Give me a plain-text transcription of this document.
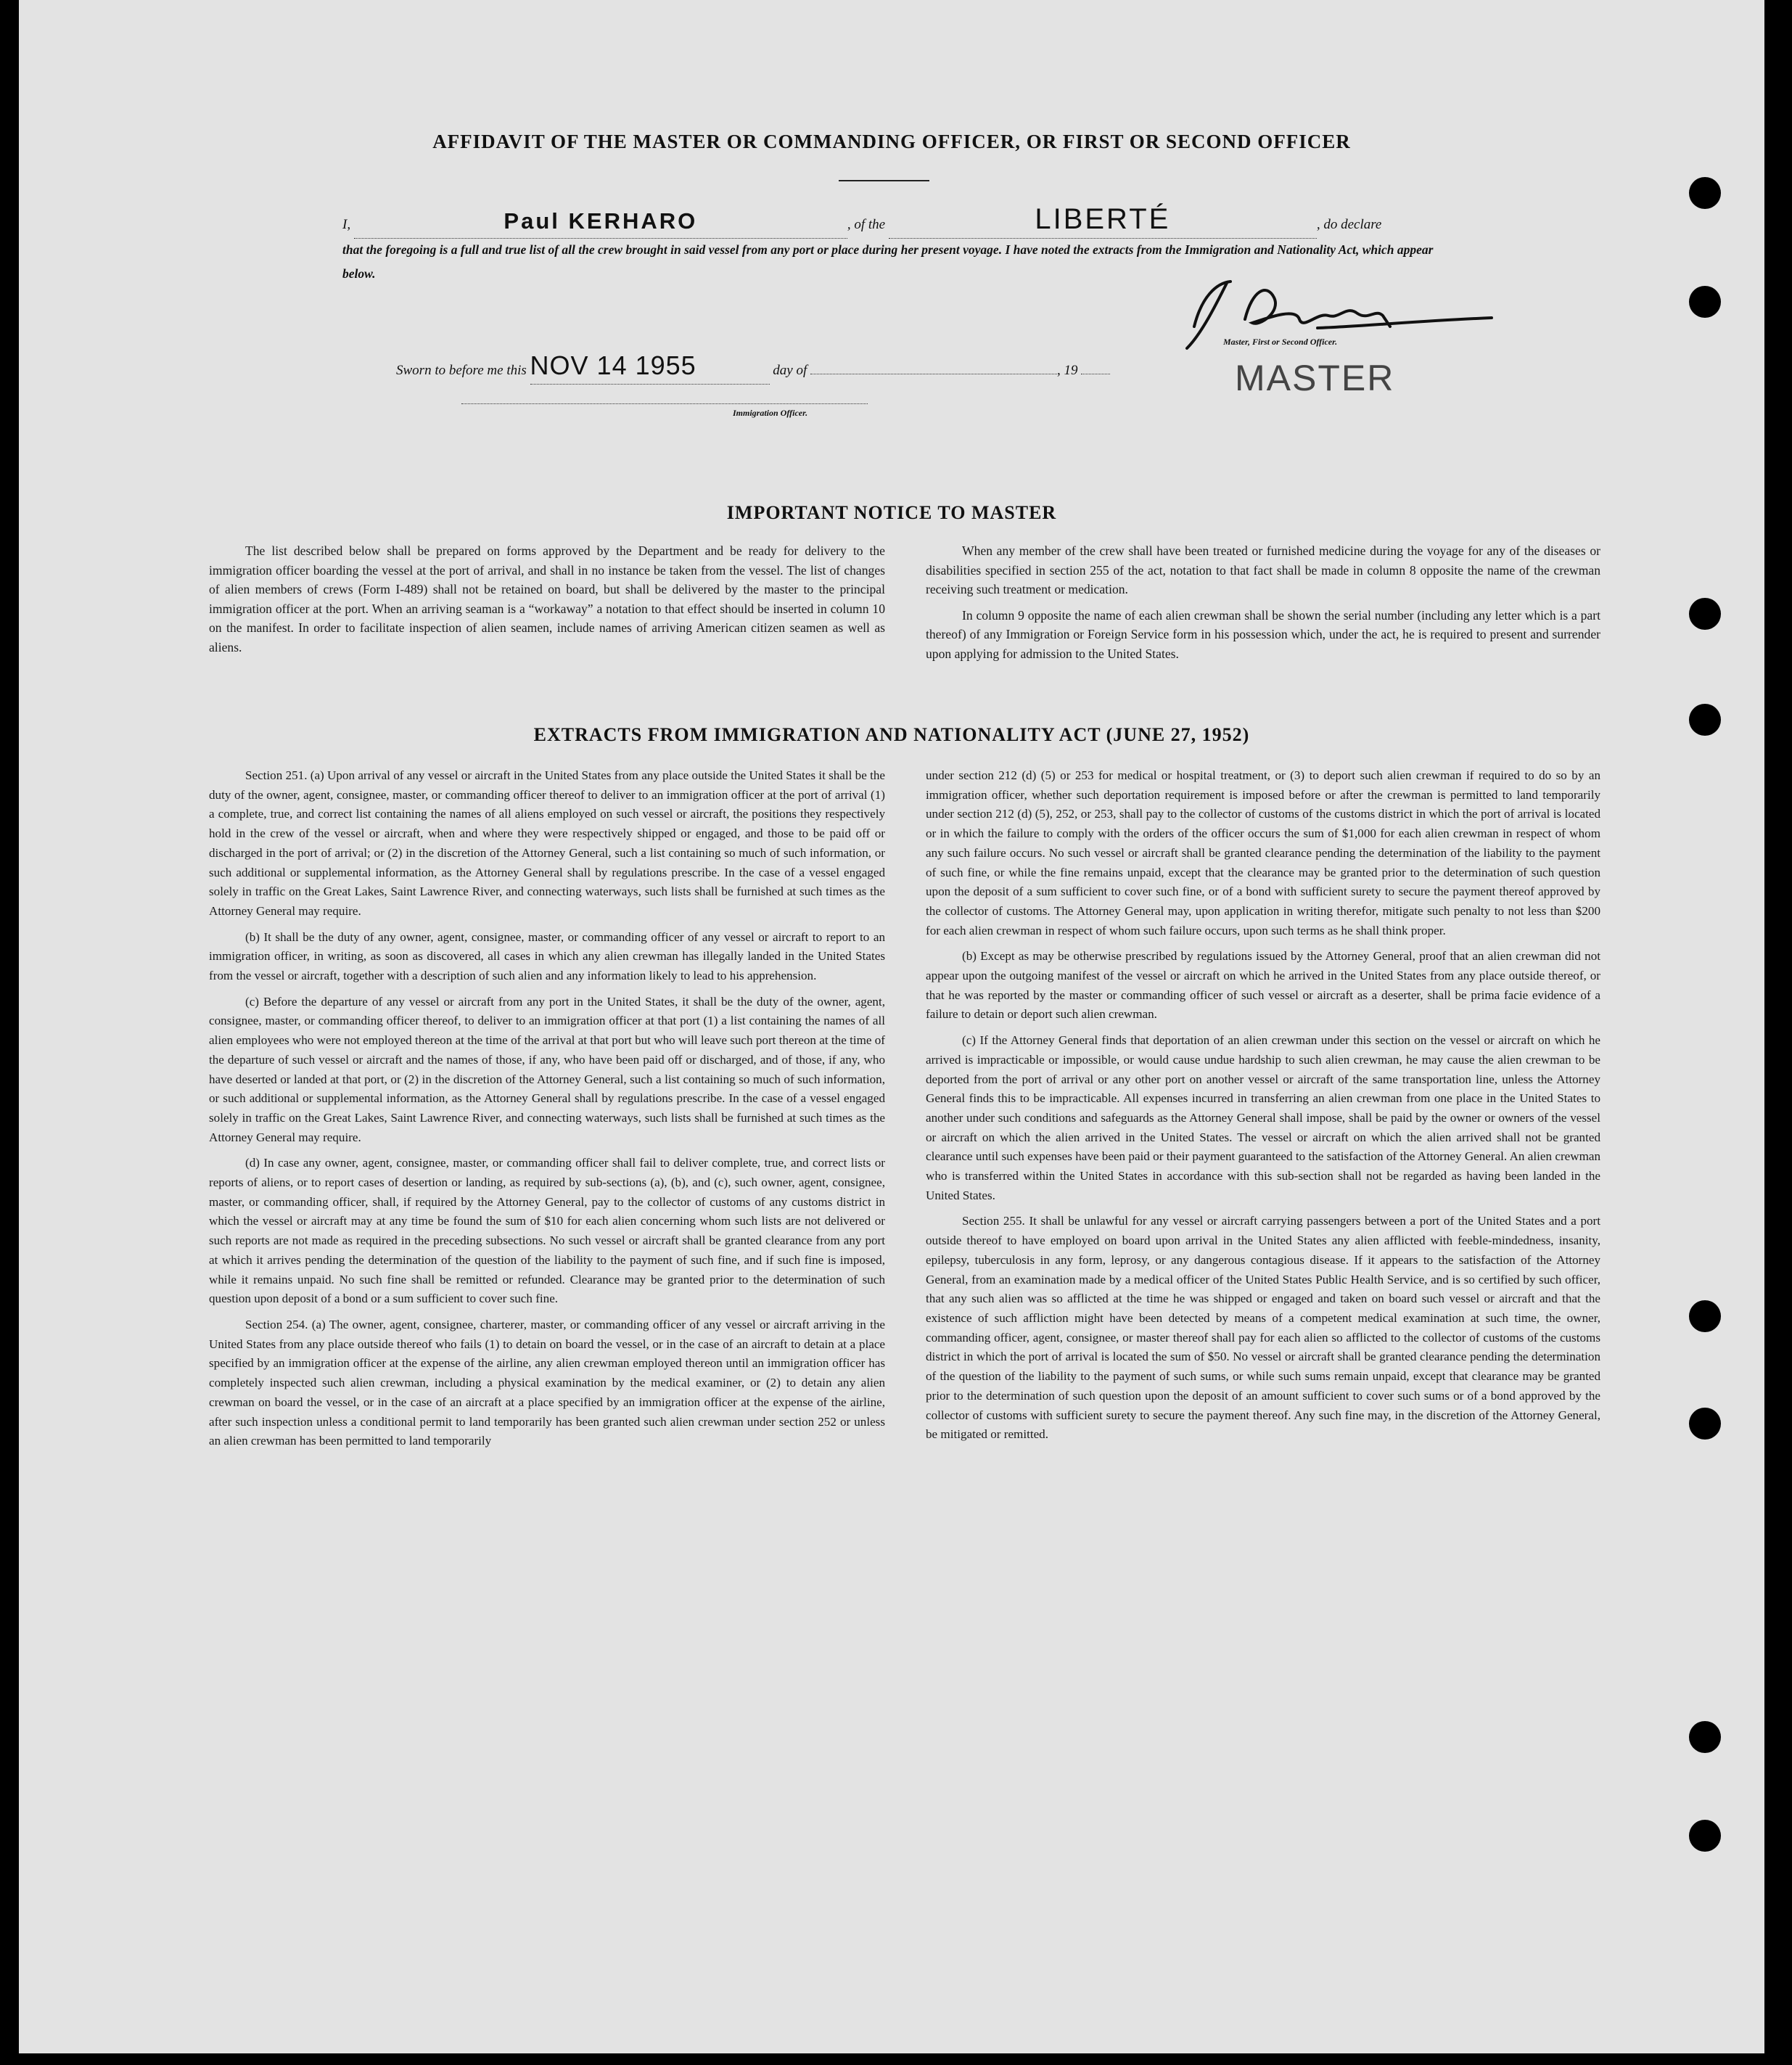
AFFIDAVIT OF THE MASTER OR COMMANDING OFFICER, OR FIRST OR SECOND OFFICER
I,	Paul KERHARO	, of the	LIBERTÉ	, do declare
that the foregoing is a full and true list of all the crew brought in said vessel from any port or place during her present voyage. I have noted the extracts from the Immigration and Nationality Act, which appear below.
Sworn to before me this NOV 14 1955	day of	, 19
Master, First or Second Officer.
MASTER
Immigration Officer.
IMPORTANT NOTICE TO MASTER

The list described below shall be prepared on forms approved by the Department and be ready for delivery to the immigration officer boarding the vessel at the port of arrival, and shall in no instance be taken from the vessel. The list of changes of alien members of crews (Form I-489) shall not be retained on board, but shall be delivered by the master to the principal immigration officer at the port. When an arriving seaman is a “workaway” a notation to that effect should be inserted in column 10 on the manifest. In order to facilitate inspection of alien seamen, include names of arriving American citizen seamen as well as aliens.

When any member of the crew shall have been treated or furnished medicine during the voyage for any of the diseases or disabilities specified in section 255 of the act, notation to that fact shall be made in column 8 opposite the name of the crewman receiving such treatment or medication.

In column 9 opposite the name of each alien crewman shall be shown the serial number (including any letter which is a part thereof) of any Immigration or Foreign Service form in his possession which, under the act, he is required to present and surrender upon applying for admission to the United States.

EXTRACTS FROM IMMIGRATION AND NATIONALITY ACT (JUNE 27, 1952)

Section 251. (a) Upon arrival of any vessel or aircraft in the United States from any place outside the United States it shall be the duty of the owner, agent, consignee, master, or commanding officer thereof to deliver to an immigration officer at the port of arrival (1) a complete, true, and correct list containing the names of all aliens employed on such vessel or aircraft, the positions they respectively hold in the crew of the vessel or aircraft, when and where they were respectively shipped or engaged, and those to be paid off or discharged in the port of arrival; or (2) in the discretion of the Attorney General, such a list containing so much of such information, or such additional or supplemental information, as the Attorney General shall by regulations prescribe. In the case of a vessel engaged solely in traffic on the Great Lakes, Saint Lawrence River, and connecting waterways, such lists shall be furnished at such times as the Attorney General may require.

(b) It shall be the duty of any owner, agent, consignee, master, or commanding officer of any vessel or aircraft to report to an immigration officer, in writing, as soon as discovered, all cases in which any alien crewman has illegally landed in the United States from the vessel or aircraft, together with a description of such alien and any information likely to lead to his apprehension.

(c) Before the departure of any vessel or aircraft from any port in the United States, it shall be the duty of the owner, agent, consignee, master, or commanding officer thereof, to deliver to an immigration officer at that port (1) a list containing the names of all alien employees who were not employed thereon at the time of the arrival at that port but who will leave such port thereon at the time of the departure of such vessel or aircraft and the names of those, if any, who have been paid off or discharged, and of those, if any, who have deserted or landed at that port, or (2) in the discretion of the Attorney General, such a list containing so much of such information, or such additional or supplemental information, as the Attorney General shall by regulations prescribe. In the case of a vessel engaged solely in traffic on the Great Lakes, Saint Lawrence River, and connecting waterways, such lists shall be furnished at such times as the Attorney General may require.

(d) In case any owner, agent, consignee, master, or commanding officer shall fail to deliver complete, true, and correct lists or reports of aliens, or to report cases of desertion or landing, as required by sub-sections (a), (b), and (c), such owner, agent, consignee, master, or commanding officer, shall, if required by the Attorney General, pay to the collector of customs of any customs district in which the vessel or aircraft may at any time be found the sum of $10 for each alien concerning whom such lists are not delivered or such reports are not made as required in the preceding subsections. No such vessel or aircraft shall be granted clearance from any port at which it arrives pending the determination of the question of the liability to the payment of such fine, and if such fine is imposed, while it remains unpaid. No such fine shall be remitted or refunded. Clearance may be granted prior to the determination of such question upon deposit of a bond or a sum sufficient to cover such fine.

Section 254. (a) The owner, agent, consignee, charterer, master, or commanding officer of any vessel or aircraft arriving in the United States from any place outside thereof who fails (1) to detain on board the vessel, or in the case of an aircraft to detain at a place specified by an immigration officer at the expense of the airline, any alien crewman employed thereon until an immigration officer has completely inspected such alien crewman, including a physical examination by the medical examiner, or (2) to detain any alien crewman on board the vessel, or in the case of an aircraft at a place specified by an immigration officer at the expense of the airline, after such inspection unless a conditional permit to land temporarily has been granted such alien crewman under section 252 or unless an alien crewman has been permitted to land temporarily

under section 212 (d) (5) or 253 for medical or hospital treatment, or (3) to deport such alien crewman if required to do so by an immigration officer, whether such deportation requirement is imposed before or after the crewman is permitted to land temporarily under section 212 (d) (5), 252, or 253, shall pay to the collector of customs of the customs district in which the port of arrival is located or in which the failure to comply with the orders of the officer occurs the sum of $1,000 for each alien crewman in respect of whom any such failure occurs. No such vessel or aircraft shall be granted clearance pending the determination of the liability to the payment of such fine, or while the fine remains unpaid, except that the clearance may be granted prior to the determination of such question upon the deposit of a sum sufficient to cover such fine, or of a bond with sufficient surety to secure the payment thereof approved by the collector of customs. The Attorney General may, upon application in writing therefor, mitigate such penalty to not less than $200 for each alien crewman in respect of whom such failure occurs, upon such terms as he shall think proper.

(b) Except as may be otherwise prescribed by regulations issued by the Attorney General, proof that an alien crewman did not appear upon the outgoing manifest of the vessel or aircraft on which he arrived in the United States from any place outside thereof, or that he was reported by the master or commanding officer of such vessel or aircraft as a deserter, shall be prima facie evidence of a failure to detain or deport such alien crewman.

(c) If the Attorney General finds that deportation of an alien crewman under this section on the vessel or aircraft on which he arrived is impracticable or impossible, or would cause undue hardship to such alien crewman, he may cause the alien crewman to be deported from the port of arrival or any other port on another vessel or aircraft of the same transportation line, unless the Attorney General finds this to be impracticable. All expenses incurred in transferring an alien crewman from one place in the United States to another under such conditions and safeguards as the Attorney General shall impose, shall be paid by the owner or owners of the vessel or aircraft on which the alien arrived in the United States. The vessel or aircraft on which the alien arrived shall not be granted clearance until such expenses have been paid or their payment guaranteed to the satisfaction of the Attorney General. An alien crewman who is transferred within the United States in accordance with this sub-section shall not be regarded as having been landed in the United States.

Section 255. It shall be unlawful for any vessel or aircraft carrying passengers between a port of the United States and a port outside thereof to have employed on board upon arrival in the United States any alien afflicted with feeble-mindedness, insanity, epilepsy, tuberculosis in any form, leprosy, or any dangerous contagious disease. If it appears to the satisfaction of the Attorney General, from an examination made by a medical officer of the United States Public Health Service, and is so certified by such officer, that any such alien was so afflicted at the time he was shipped or engaged and taken on board such vessel or aircraft and that the existence of such affliction might have been detected by means of a competent medical examination at such time, the owner, commanding officer, agent, consignee, or master thereof shall pay for each alien so afflicted to the collector of customs of the customs district in which the port of arrival is located the sum of $50. No vessel or aircraft shall be granted clearance pending the determination of the question of the liability to the payment of such sums, or while such sums remain unpaid, except that clearance may be granted prior to the determination of such question upon the deposit of an amount sufficient to cover such sums or of a bond approved by the collector of customs with sufficient surety to secure the payment thereof. Any such fine may, in the discretion of the Attorney General, be mitigated or remitted.
